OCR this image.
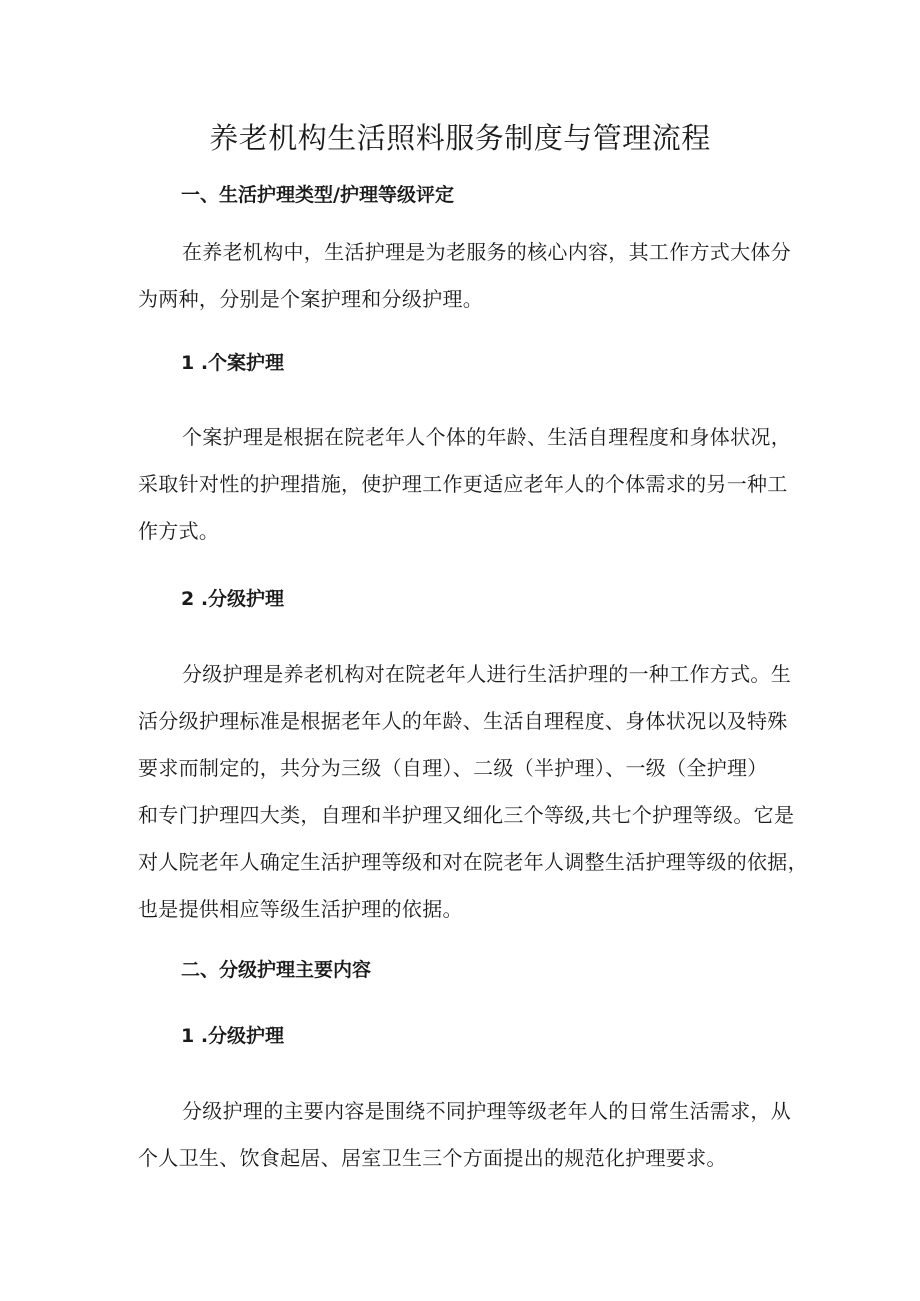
养老机构生活照料服务制度与管理流程
一、生活护理类型/护理等级评定
在养老机构中，生活护理是为老服务的核心内容，其工作方式大体分
为两种，分别是个案护理和分级护理。
1 .个案护理
个案护理是根据在院老年人个体的年龄、生活自理程度和身体状况，
采取针对性的护理措施，使护理工作更适应老年人的个体需求的另一种工
作方式。
2 .分级护理
分级护理是养老机构对在院老年人进行生活护理的一种工作方式。生
活分级护理标准是根据老年人的年龄、生活自理程度、身体状况以及特殊
要求而制定的，共分为三级（自理）、二级（半护理）、一级（全护理）
和专门护理四大类，自理和半护理又细化三个等级,共七个护理等级。它是
对人院老年人确定生活护理等级和对在院老年人调整生活护理等级的依据，
也是提供相应等级生活护理的依据。
二、分级护理主要内容
1 .分级护理
分级护理的主要内容是围绕不同护理等级老年人的日常生活需求，从
个人卫生、饮食起居、居室卫生三个方面提出的规范化护理要求。
